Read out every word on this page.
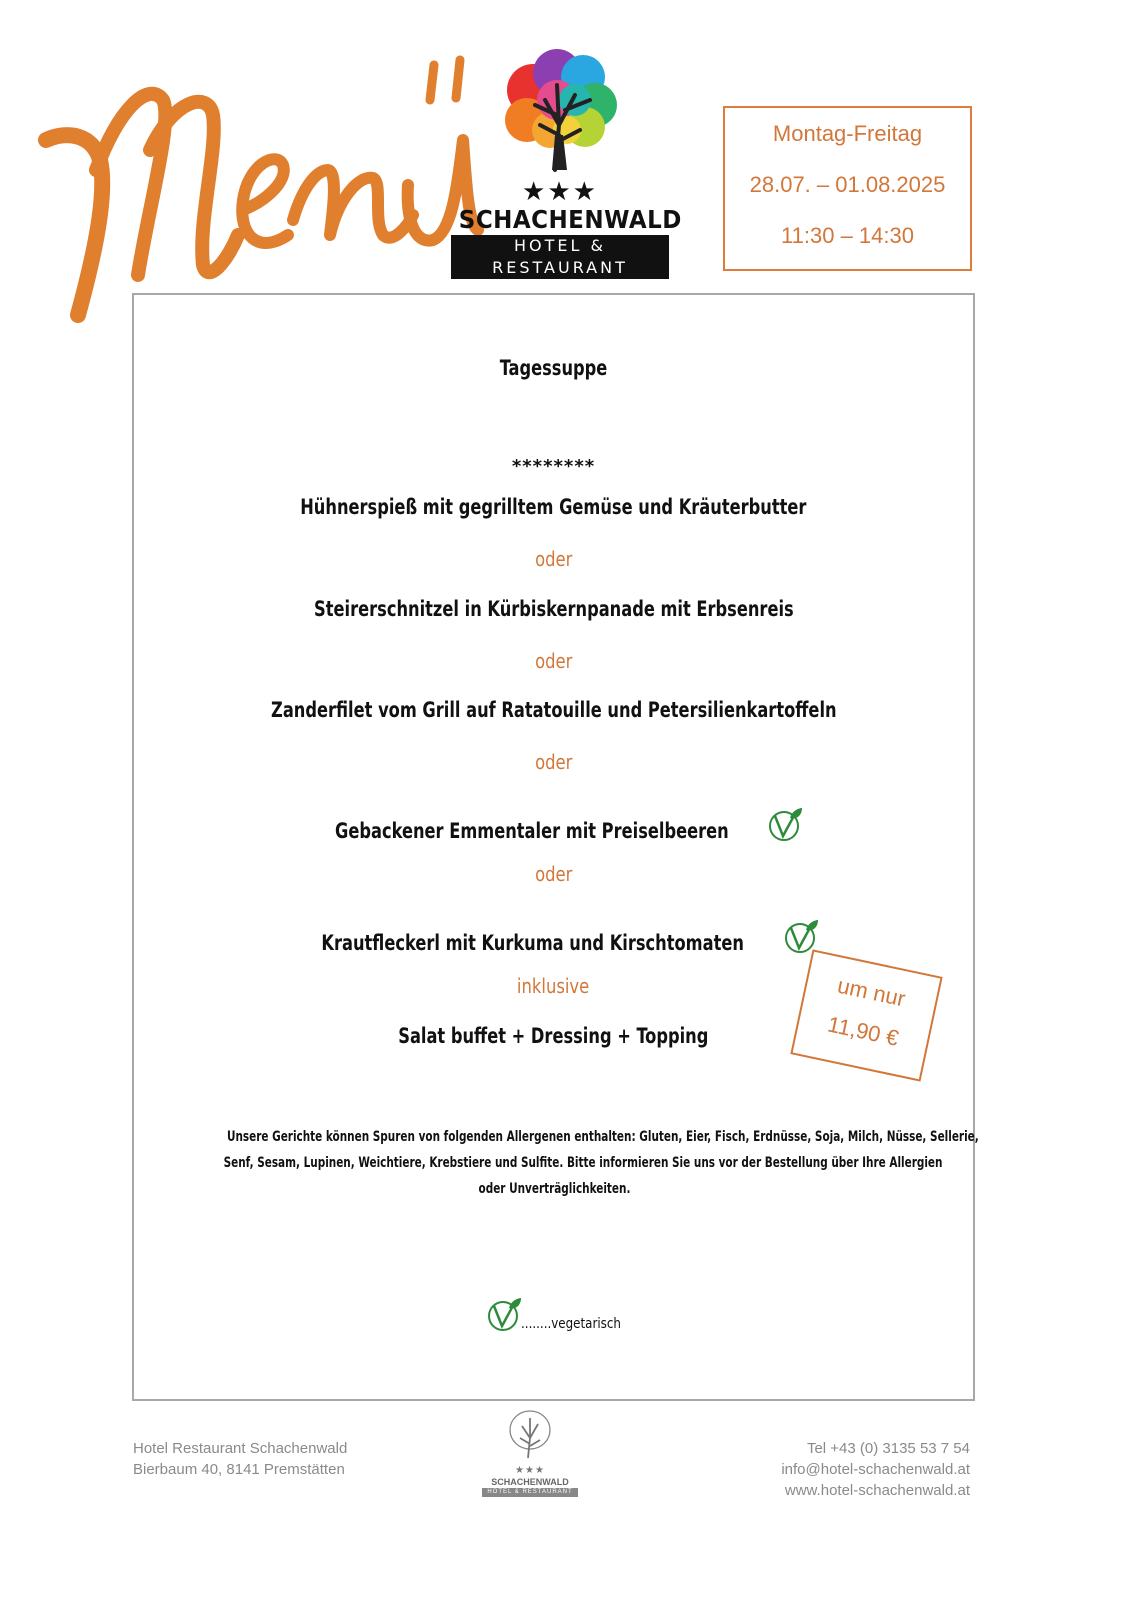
★★★
SCHACHENWALD
HOTEL & RESTAURANT
Montag-Freitag
28.07. – 01.08.2025
11:30 – 14:30
Tagessuppe
********
Hühnerspieß mit gegrilltem Gemüse und Kräuterbutter
oder
Steirerschnitzel in Kürbiskernpanade mit Erbsenreis
oder
Zanderfilet vom Grill auf Ratatouille und Petersilienkartoffeln
oder
Gebackener Emmentaler mit Preiselbeeren
oder
Krautfleckerl mit Kurkuma und Kirschtomaten
inklusive
Salat buffet + Dressing + Topping
um nur
11,90 €
Unsere Gerichte können Spuren von folgenden Allergenen enthalten: Gluten, Eier, Fisch, Erdnüsse, Soja, Milch, Nüsse, Sellerie,
Senf, Sesam, Lupinen, Weichtiere, Krebstiere und Sulfite. Bitte informieren Sie uns vor der Bestellung über Ihre Allergien
oder Unverträglichkeiten.
........vegetarisch
Hotel Restaurant Schachenwald
Bierbaum 40, 8141 Premstätten	★★★
SCHACHENWALD
HOTEL & RESTAURANT
Tel +43 (0) 3135 53 7 54
info@hotel-schachenwald.at
www.hotel-schachenwald.at
